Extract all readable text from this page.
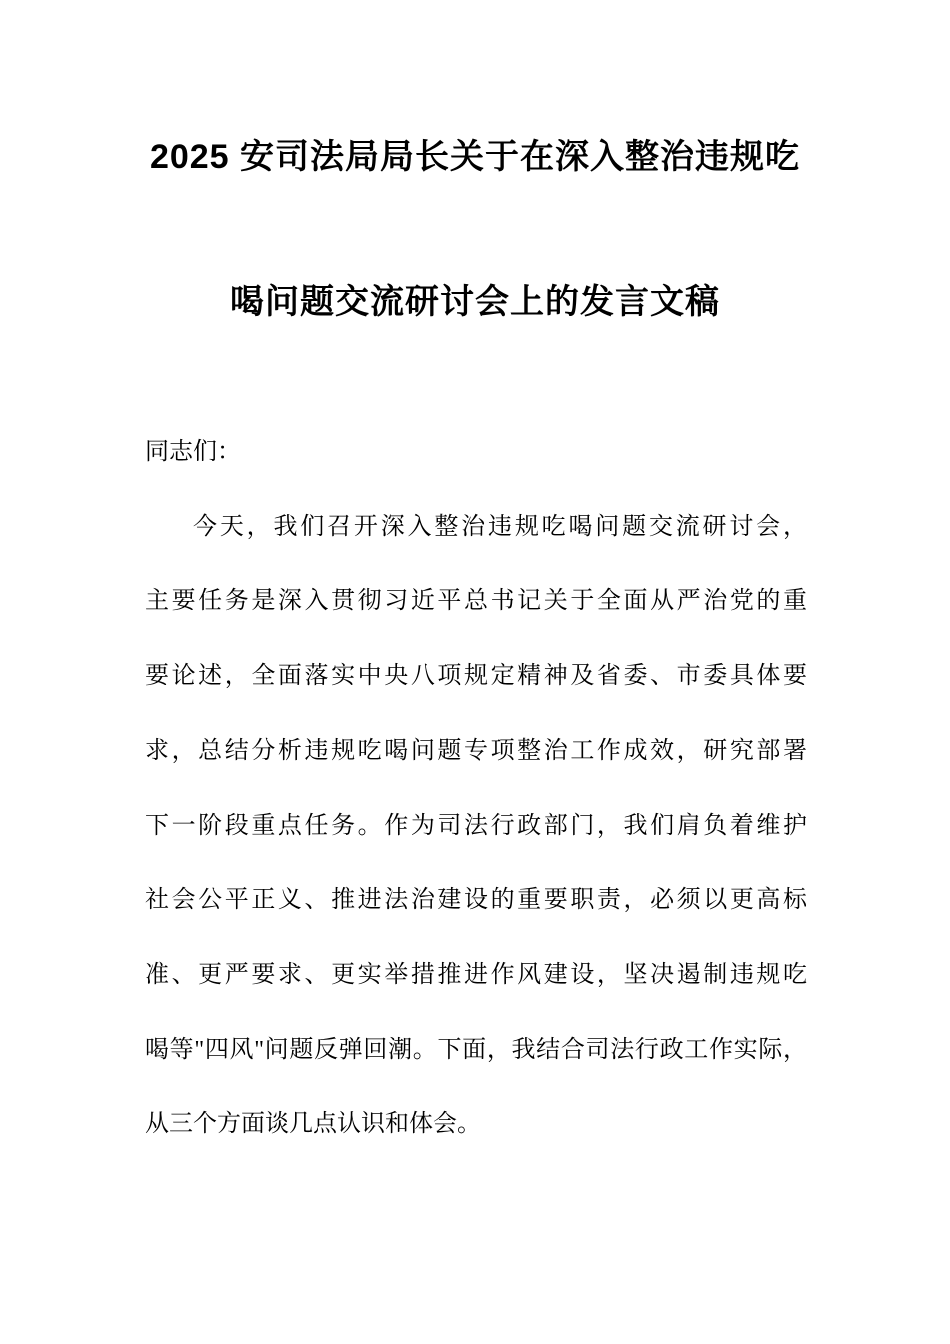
2025 安司法局局长关于在深入整治违规吃
喝问题交流研讨会上的发言文稿
同志们：
今天，我们召开深入整治违规吃喝问题交流研讨会，
主要任务是深入贯彻习近平总书记关于全面从严治党的重
要论述，全面落实中央八项规定精神及省委、市委具体要
求，总结分析违规吃喝问题专项整治工作成效，研究部署
下一阶段重点任务。作为司法行政部门，我们肩负着维护
社会公平正义、推进法治建设的重要职责，必须以更高标
准、更严要求、更实举措推进作风建设，坚决遏制违规吃
喝等"四风"问题反弹回潮。下面，我结合司法行政工作实际，
从三个方面谈几点认识和体会。
